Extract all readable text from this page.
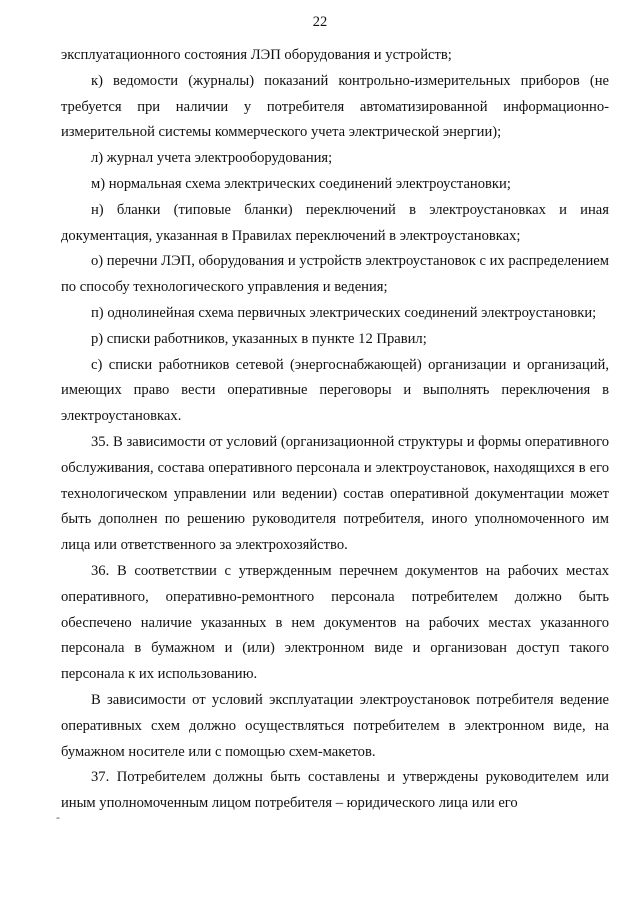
22
-

эксплуатационного состояния ЛЭП оборудования и устройств;

к) ведомости (журналы) показаний контрольно-измерительных приборов (не требуется при наличии у потребителя автоматизированной информационно-измерительной системы коммерческого учета электрической энергии);

л) журнал учета электрооборудования;

м) нормальная схема электрических соединений электроустановки;

н) бланки (типовые бланки) переключений в электроустановках и иная документация, указанная в Правилах переключений в электроустановках;

о) перечни ЛЭП, оборудования и устройств электроустановок с их распределением по способу технологического управления и ведения;

п) однолинейная схема первичных электрических соединений электроустановки;

р) списки работников, указанных в пункте 12 Правил;

с) списки работников сетевой (энергоснабжающей) организации и организаций, имеющих право вести оперативные переговоры и выполнять переключения в электроустановках.

35. В зависимости от условий (организационной структуры и формы оперативного обслуживания, состава оперативного персонала и электроустановок, находящихся в его технологическом управлении или ведении) состав оперативной документации может быть дополнен по решению руководителя потребителя, иного уполномоченного им лица или ответственного за электрохозяйство.

36. В соответствии с утвержденным перечнем документов на рабочих местах оперативного, оперативно-ремонтного персонала потребителем должно быть обеспечено наличие указанных в нем документов на рабочих местах указанного персонала в бумажном и (или) электронном виде и организован доступ такого персонала к их использованию.

В зависимости от условий эксплуатации электроустановок потребителя ведение оперативных схем должно осуществляться потребителем в электронном виде, на бумажном носителе или с помощью схем-макетов.

37. Потребителем должны быть составлены и утверждены руководителем или иным уполномоченным лицом потребителя – юридического лица или его
